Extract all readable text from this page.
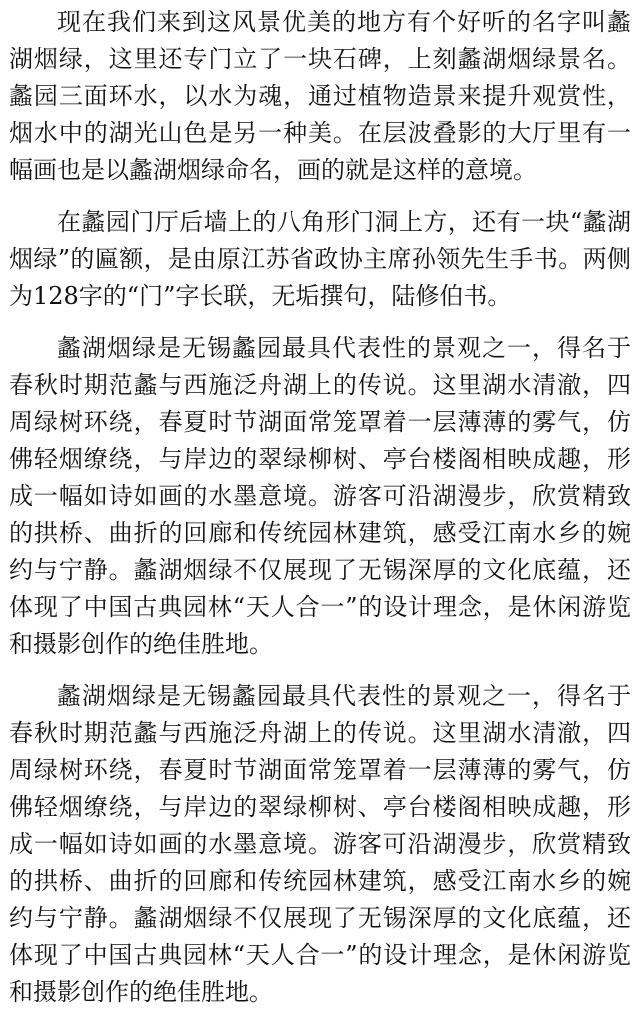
现在我们来到这风景优美的地方有个好听的名字叫蠡湖烟绿，这里还专门立了一块石碑，上刻蠡湖烟绿景名。蠡园三面环水，以水为魂，通过植物造景来提升观赏性，烟水中的湖光山色是另一种美。在层波叠影的大厅里有一幅画也是以蠡湖烟绿命名，画的就是这样的意境。

在蠡园门厅后墙上的八角形门洞上方，还有一块“蠡湖烟绿”的匾额，是由原江苏省政协主席孙领先生手书。两侧为128字的“门”字长联，无垢撰句，陆修伯书。

蠡湖烟绿是无锡蠡园最具代表性的景观之一，得名于春秋时期范蠡与西施泛舟湖上的传说。这里湖水清澈，四周绿树环绕，春夏时节湖面常笼罩着一层薄薄的雾气，仿佛轻烟缭绕，与岸边的翠绿柳树、亭台楼阁相映成趣，形成一幅如诗如画的水墨意境。游客可沿湖漫步，欣赏精致的拱桥、曲折的回廊和传统园林建筑，感受江南水乡的婉约与宁静。蠡湖烟绿不仅展现了无锡深厚的文化底蕴，还体现了中国古典园林“天人合一”的设计理念，是休闲游览和摄影创作的绝佳胜地。

蠡湖烟绿是无锡蠡园最具代表性的景观之一，得名于春秋时期范蠡与西施泛舟湖上的传说。这里湖水清澈，四周绿树环绕，春夏时节湖面常笼罩着一层薄薄的雾气，仿佛轻烟缭绕，与岸边的翠绿柳树、亭台楼阁相映成趣，形成一幅如诗如画的水墨意境。游客可沿湖漫步，欣赏精致的拱桥、曲折的回廊和传统园林建筑，感受江南水乡的婉约与宁静。蠡湖烟绿不仅展现了无锡深厚的文化底蕴，还体现了中国古典园林“天人合一”的设计理念，是休闲游览和摄影创作的绝佳胜地。
